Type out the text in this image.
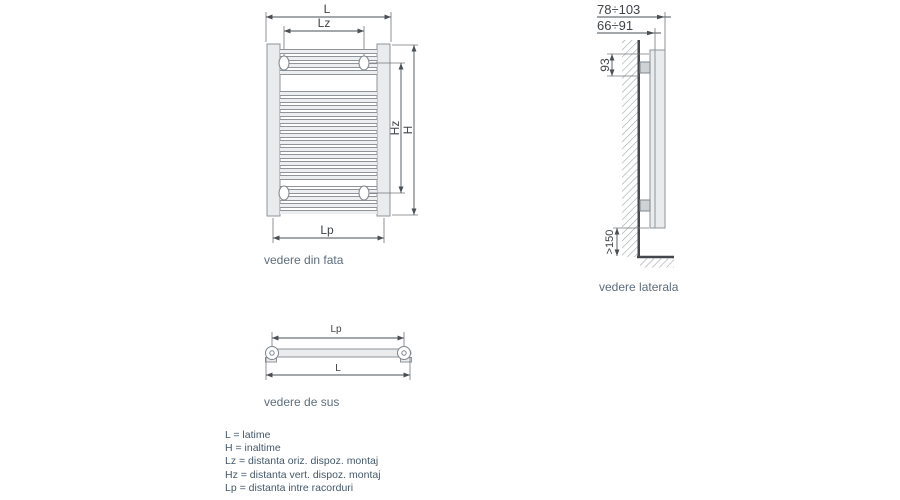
L
Lz
Hz H
Lp
78÷103
66÷91
93
>150
Lp
L
vedere din fata
vedere laterala
vedere de sus
L = latime
H = inaltime
Lz = distanta oriz. dispoz. montaj
Hz = distanta vert. dispoz. montaj
Lp = distanta intre racorduri
